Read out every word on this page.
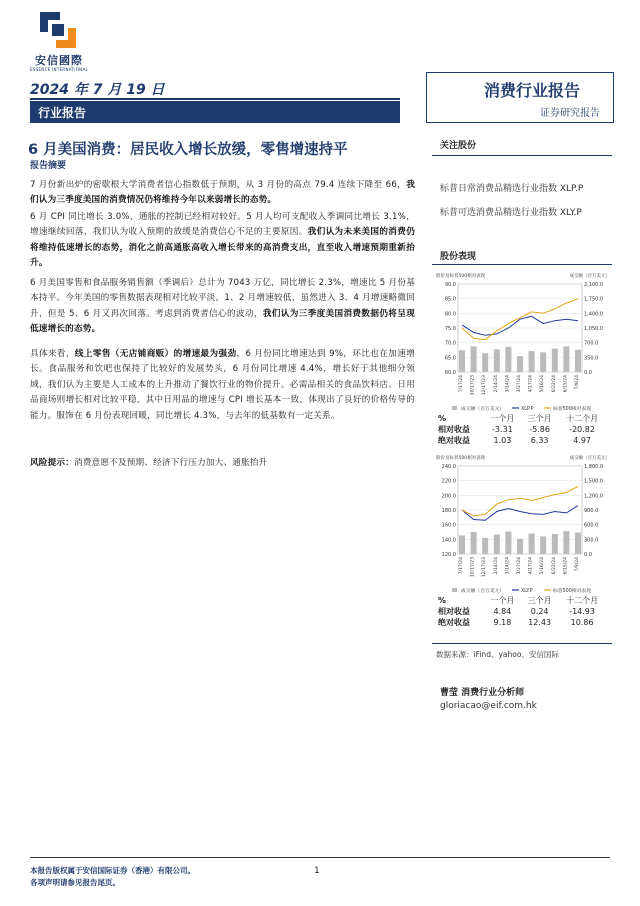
安信國際
ESSENCE INTERNATIONAL
2024 年 7 月 19 日
行业报告
消费行业报告
证券研究报告
6 月美国消费：居民收入增长放缓，零售增速持平
报告摘要

7 月份新出炉的密歇根大学消费者信心指数低于预期，从 3 月份的高点 79.4 连续下降至 66，我们认为三季度美国的消费情况仍将维持今年以来弱增长的态势。

6 月 CPI 同比增长 3.0%，通胀的控制已经相对较好。5 月人均可支配收入季调同比增长 3.1%，增速继续回落，我们认为收入预期的放缓是消费信心不足的主要原因。我们认为未来美国的消费仍将维持低速增长的态势，消化之前高通胀高收入增长带来的高消费支出，直至收入增速预期重新抬升。

6 月美国零售和食品服务销售额（季调后）总计为 7043 万亿，同比增长 2.3%，增速比 5 月份基本持平。今年美国的零售数据表现相对比较平淡，1、2 月增速较低，虽然进入 3、4 月增速略微回升，但是 5、6 月又再次回落。考虑到消费者信心的波动，我们认为三季度美国消费数据仍将呈现低速增长的态势。

具体来看，线上零售（无店铺商贩）的增速最为强劲，6 月份同比增速达到 9%，环比也在加速增长。食品服务和饮吧也保持了比较好的发展势头，6 月份同比增速 4.4%，增长好于其他细分领域，我们认为主要是人工成本的上升推动了餐饮行业的物价提升。必需品相关的食品饮料店、日用品商场则增长相对比较平稳，其中日用品的增速与 CPI 增长基本一致，体现出了良好的价格传导的能力。服饰在 6 月份表现回暖，同比增长 4.3%，与去年的低基数有一定关系。

风险提示：消费意愿不及预期、经济下行压力加大、通胀抬升

关注股份
标普日常消费品精选行业指数 XLP.P
标普可选消费品精选行业指数 XLY.P
股份表现
股价及标普500相对表现	成交额（百万美元）
90.0	2,100.0
85.0	1,750.0
80.0	1,400.0
75.0	1,050.0
70.0	700.0
65.0	350.0
60.0	0.0
7/17/24 10/17/23 12/17/23 2/14/24 3/14/24 3/27/24 4/17/24 5/16/24 6/22/24 6/15/24 7/9/24
成交额（百万美元）	XLP.P	标普500相对表现
%	一个月	三个月	十二个月
相对收益	-3.31	-5.86	-20.82
绝对收益	1.03	6.33	4.97
股价及标普500相对表现	成交额（百万美元）
240.0	1,800.0
220.0	1,500.0
200.0	1,200.0
180.0	900.0
160.0	600.0
140.0	300.0
120.0	0.0
7/17/24 10/17/23 12/17/23 2/14/24 3/14/24 3/27/24 4/17/24 5/16/24 6/22/24 6/15/24 7/9/24
成交额（百万美元）	XLY.P	标普500相对表现
%	一个月	三个月	十二个月
相对收益	4.84	0.24	-14.93
绝对收益	9.18	12.43	10.86
数据来源：iFind、yahoo、安信国际
曹莹 消费行业分析师
gloriacao@eif.com.hk
本报告版权属于安信国际证券（香港）有限公司。
各项声明请参见报告尾页。
1
